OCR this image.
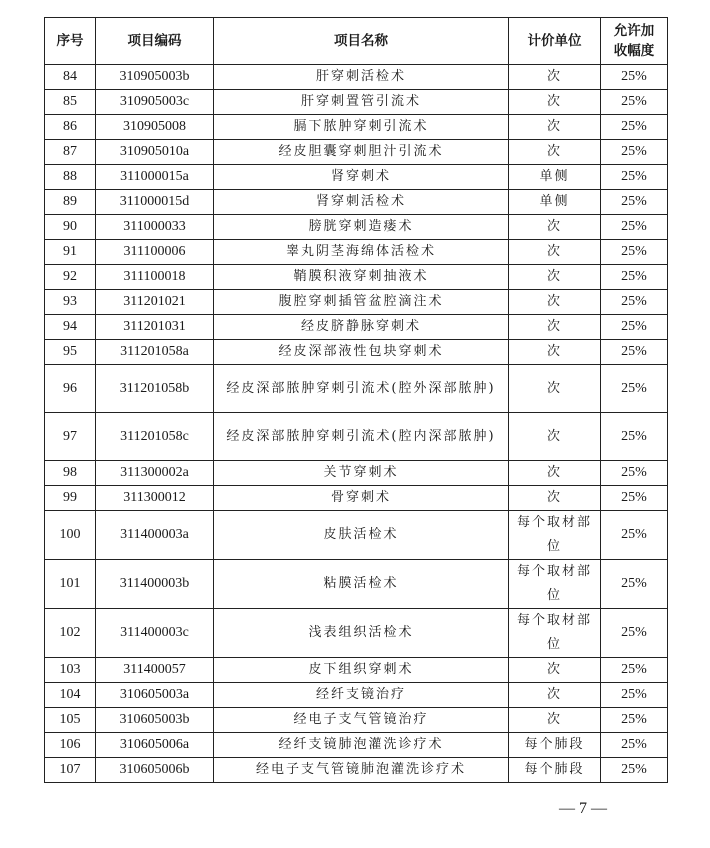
序号	项目编码	项目名称	计价单位	允许加
收幅度

84	310905003b	肝穿刺活检术	次	25%
85	310905003c	肝穿刺置管引流术	次	25%
86	310905008	膈下脓肿穿刺引流术	次	25%
87	310905010a	经皮胆囊穿刺胆汁引流术	次	25%
88	311000015a	肾穿刺术	单侧	25%
89	311000015d	肾穿刺活检术	单侧	25%
90	311000033	膀胱穿刺造瘘术	次	25%
91	311100006	睾丸阴茎海绵体活检术	次	25%
92	311100018	鞘膜积液穿刺抽液术	次	25%
93	311201021	腹腔穿刺插管盆腔滴注术	次	25%
94	311201031	经皮脐静脉穿刺术	次	25%
95	311201058a	经皮深部液性包块穿刺术	次	25%
96	311201058b	经皮深部脓肿穿刺引流术(腔外深部脓肿)	次	25%
97	311201058c	经皮深部脓肿穿刺引流术(腔内深部脓肿)	次	25%
98	311300002a	关节穿刺术	次	25%
99	311300012	骨穿刺术	次	25%
100	311400003a	皮肤活检术	每个取材部位	25%
101	311400003b	粘膜活检术	每个取材部位	25%
102	311400003c	浅表组织活检术	每个取材部位	25%
103	311400057	皮下组织穿刺术	次	25%
104	310605003a	经纤支镜治疗	次	25%
105	310605003b	经电子支气管镜治疗	次	25%
106	310605006a	经纤支镜肺泡灌洗诊疗术	每个肺段	25%
107	310605006b	经电子支气管镜肺泡灌洗诊疗术	每个肺段	25%
— 7 —
